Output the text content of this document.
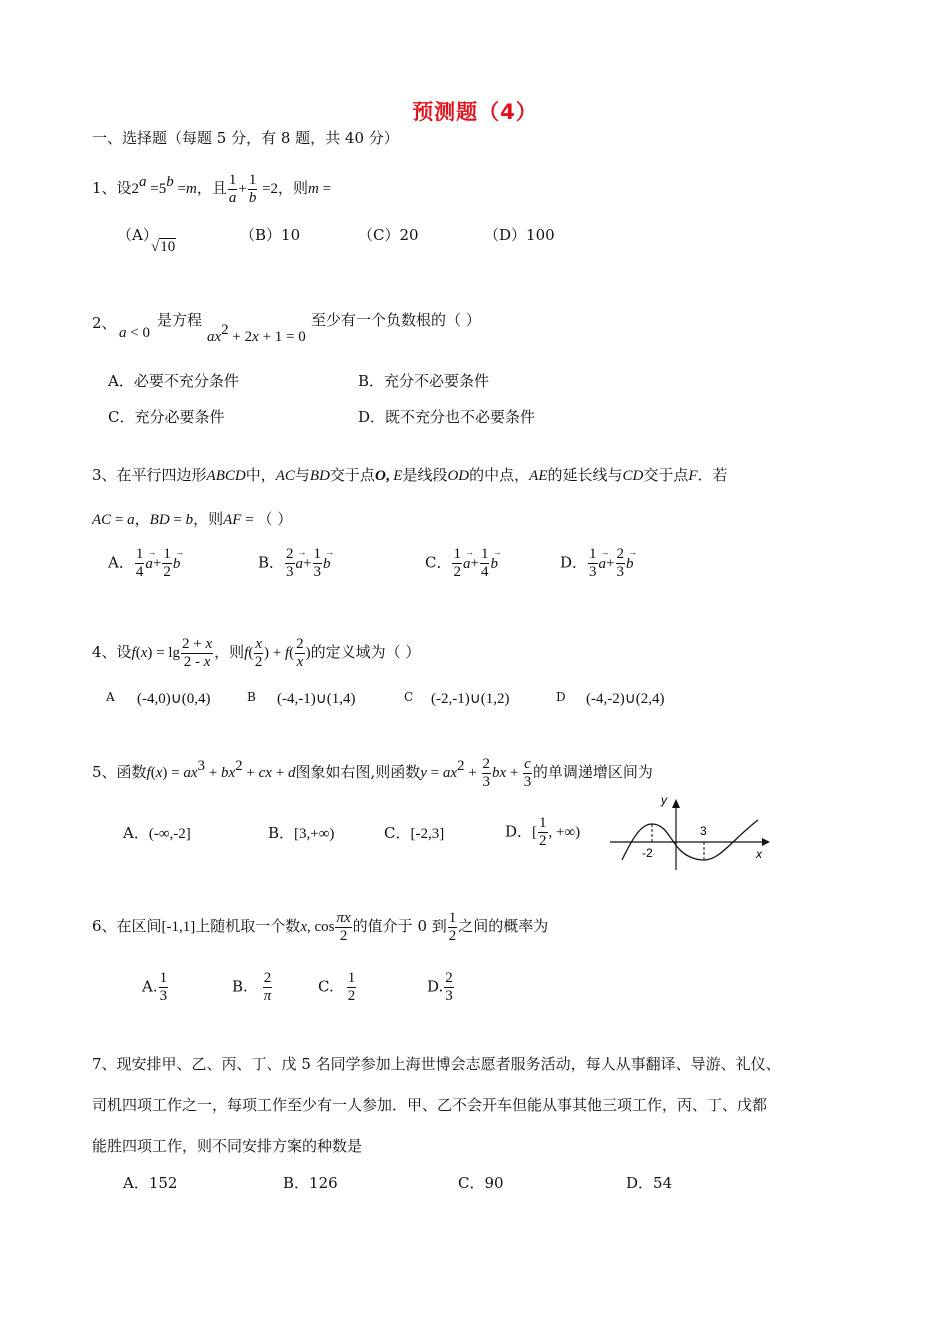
预测题（4）
一、选择题（每题 5 分，有 8 题，共 40 分）
1、设$2^a =5^b =m$，且 $\frac{1}{a} + \frac{1}{b} =2$，则m =
（A）
√10
（B）10	（C）20	（D）100
2、
a < 0
是方程
$ax^2 + 2x + 1 = 0$
至少有一个负数根的（ ）
A．必要不充分条件	B．充分不必要条件
C．充分必要条件	D．既不充分也不必要条件
3、在平行四边形ABCD中，AC与BD交于点O, E是线段OD的中点，AE的延长线与CD交于点F．若
AC = a，BD = b，则AF = （ ）
A． $\frac{1}{4}$ $a \to+ \frac{1}{2}$ b →	B． $\frac{2}{3}$ $a \to+ \frac{1}{3}$ b →	C． $\frac{1}{2}$ $a \to+ \frac{1}{4}$ b →	D． $\frac{1}{3}$ $a \to+ \frac{2}{3}$ b →
4、设$f(x) = \lg \frac{2 + x}{2 - x}$ ，则$f( \frac{x}{2}$ ) + $f( \frac{2}{x}$ )的定义域为（ ）
A (-4,0)∪(0,4)	B (-4,-1)∪(1,4)	C (-2,-1)∪(1,2)	D (-4,-2)∪(2,4)
5、函数$f(x) = ax^3 + bx^2$ + cx + d图象如右图,则函数$y = ax^2 + \frac{2}{3}$ bx + $\frac{c}{3}$ 的单调递增区间为
A．(-∞,-2]	B．[3,+∞)	C．[-2,3]	D．[ $\frac{1}{2}$ , +∞)
y
x
-2
3
6、在区间[-1,1]上随机取一个数x, $\cos \frac{\pi x}{2}$ 的值介于 0 到 $\frac{1}{2}$ 之间的概率为
A. $\frac{1}{3}$	B. $\frac{2}{\pi}$	C. $\frac{1}{2}$	D. $\frac{2}{3}$
7、现安排甲、乙、丙、丁、戊 5 名同学参加上海世博会志愿者服务活动，每人从事翻译、导游、礼仪、
司机四项工作之一，每项工作至少有一人参加．甲、乙不会开车但能从事其他三项工作，丙、丁、戊都
能胜四项工作，则不同安排方案的种数是
A．152	B．126	C．90	D．54
